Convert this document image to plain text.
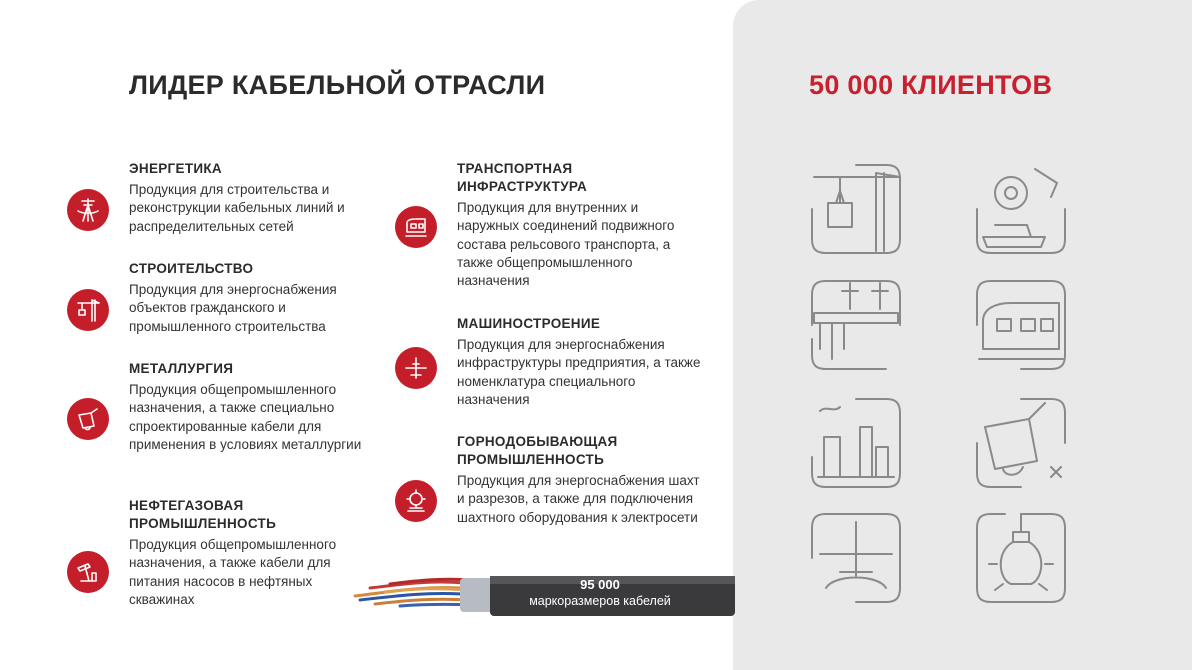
ЛИДЕР КАБЕЛЬНОЙ ОТРАСЛИ	50 000 КЛИЕНТОВ
ЭНЕРГЕТИКА
Продукция для строительства и реконструкции кабельных линий и распределительных сетей
СТРОИТЕЛЬСТВО
Продукция для энергоснабжения объектов гражданского и промышленного строительства
МЕТАЛЛУРГИЯ
Продукция общепромышленного назначения, а также специально спроектированные кабели для применения в условиях металлургии
НЕФТЕГАЗОВАЯ ПРОМЫШЛЕННОСТЬ
Продукция общепромышленного назначения, а также кабели для питания насосов в нефтяных скважинах
ТРАНСПОРТНАЯ ИНФРАСТРУКТУРА
Продукция для внутренних и наружных соединений подвижного состава рельсового транспорта, а также общепромышленного назначения
МАШИНОСТРОЕНИЕ
Продукция для энергоснабжения инфраструктуры предприятия, а также номенклатура специального назначения
ГОРНОДОБЫВАЮЩАЯ ПРОМЫШЛЕННОСТЬ
Продукция для энергоснабжения шахт и разрезов, а также для подключения шахтного оборудования к электросети
95 000
маркоразмеров кабелей
